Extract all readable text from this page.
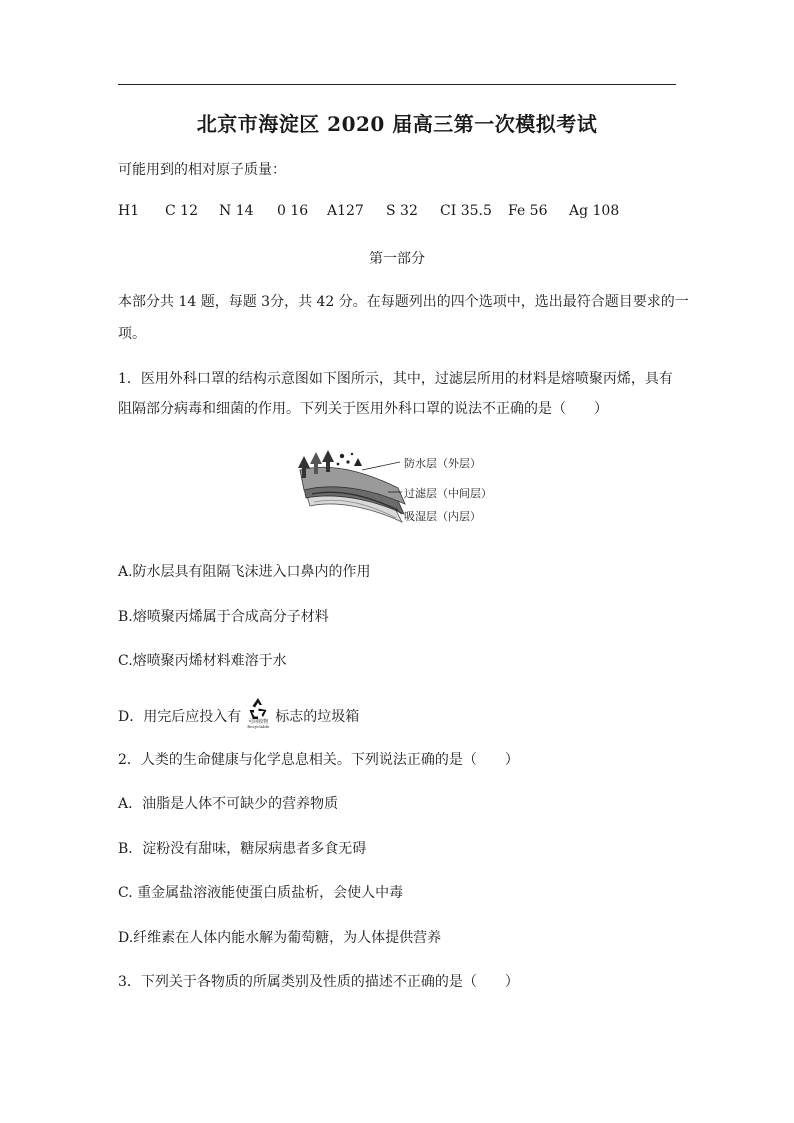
北京市海淀区 2020 届高三第一次模拟考试
可能用到的相对原子质量：
H1 C 12 N 14 0 16 A127 S 32 CI 35.5 Fe 56 Ag 108
第一部分
本部分共 14 题，每题 3分，共 42 分。在每题列出的四个选项中，选出最符合题目要求的一
项。
1．医用外科口罩的结构示意图如下图所示，其中，过滤层所用的材料是熔喷聚丙烯，具有
阻隔部分病毒和细菌的作用。下列关于医用外科口罩的说法不正确的是（　　）
防水层（外层）
过滤层（中间层）
吸湿层（内层）
A.防水层具有阻隔飞沫进入口鼻内的作用
B.熔喷聚丙烯属于合成高分子材料
C.熔喷聚丙烯材料难溶于水
D．用完后应投入有	可回收物
Recyclable
标志的垃圾箱
2．人类的生命健康与化学息息相关。下列说法正确的是（　　）
A．油脂是人体不可缺少的营养物质
B．淀粉没有甜味，糖尿病患者多食无碍
C. 重金属盐溶液能使蛋白质盐析，会使人中毒
D.纤维素在人体内能水解为葡萄糖，为人体提供营养
3．下列关于各物质的所属类别及性质的描述不正确的是（　　）
